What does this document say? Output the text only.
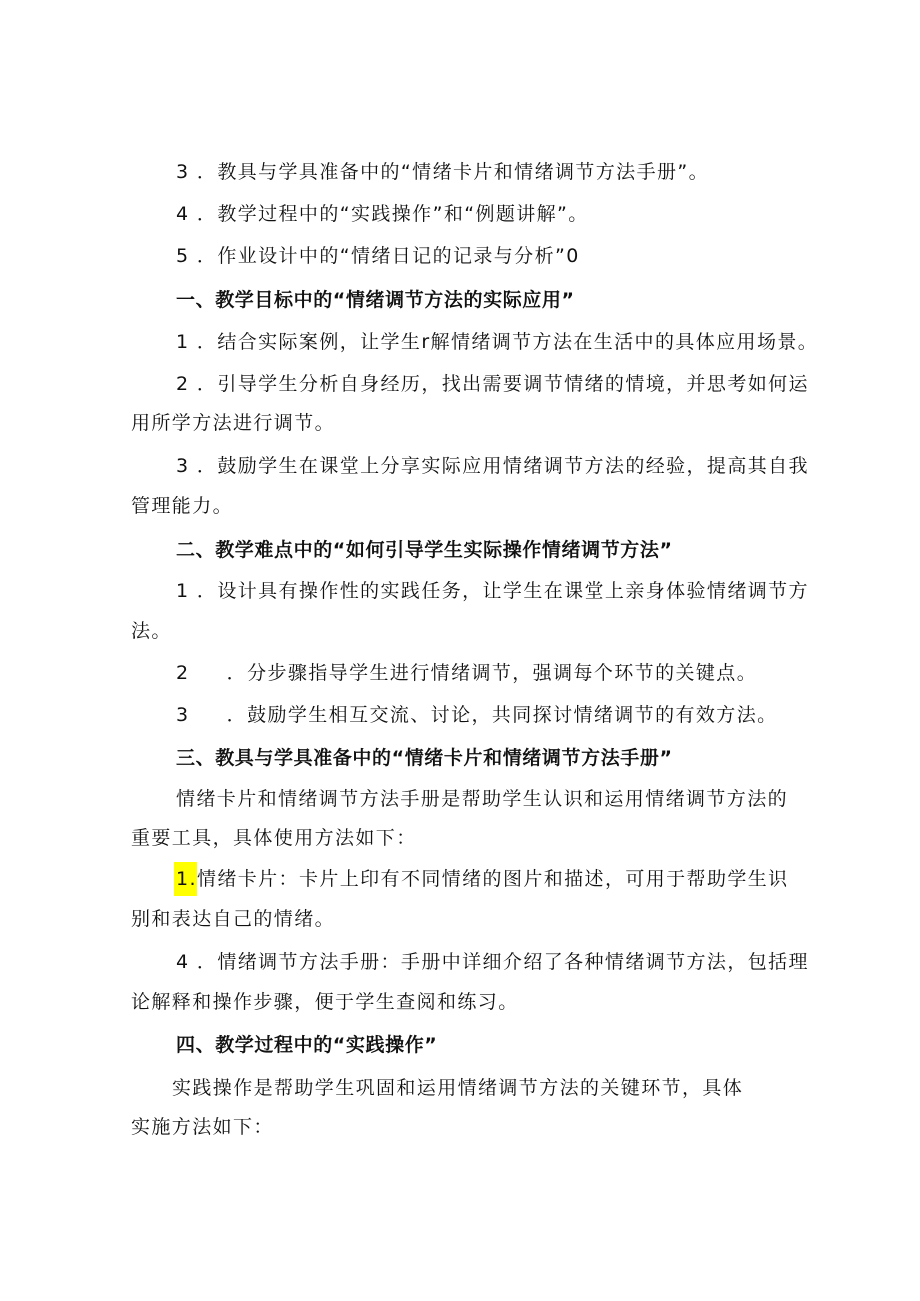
3 ．教具与学具准备中的“情绪卡片和情绪调节方法手册”。
4 ．教学过程中的“实践操作”和“例题讲解”。
5 ．作业设计中的“情绪日记的记录与分析”0
一、教学目标中的“情绪调节方法的实际应用”
1 ．结合实际案例，让学生r解情绪调节方法在生活中的具体应用场景。
2 ．引导学生分析自身经历，找出需要调节情绪的情境，并思考如何运
用所学方法进行调节。
3 ．鼓励学生在课堂上分享实际应用情绪调节方法的经验，提高其自我
管理能力。
二、教学难点中的“如何引导学生实际操作情绪调节方法”
1 ．设计具有操作性的实践任务，让学生在课堂上亲身体验情绪调节方
法。
2     ．分步骤指导学生进行情绪调节，强调每个环节的关键点。
3     ．鼓励学生相互交流、讨论，共同探讨情绪调节的有效方法。
三、教具与学具准备中的“情绪卡片和情绪调节方法手册”
情绪卡片和情绪调节方法手册是帮助学生认识和运用情绪调节方法的
重要工具，具体使用方法如下：
1.情绪卡片：卡片上印有不同情绪的图片和描述，可用于帮助学生识
别和表达自己的情绪。
4 ．情绪调节方法手册：手册中详细介绍了各种情绪调节方法，包括理
论解释和操作步骤，便于学生查阅和练习。
四、教学过程中的“实践操作”
实践操作是帮助学生巩固和运用情绪调节方法的关键环节，具体
实施方法如下：
